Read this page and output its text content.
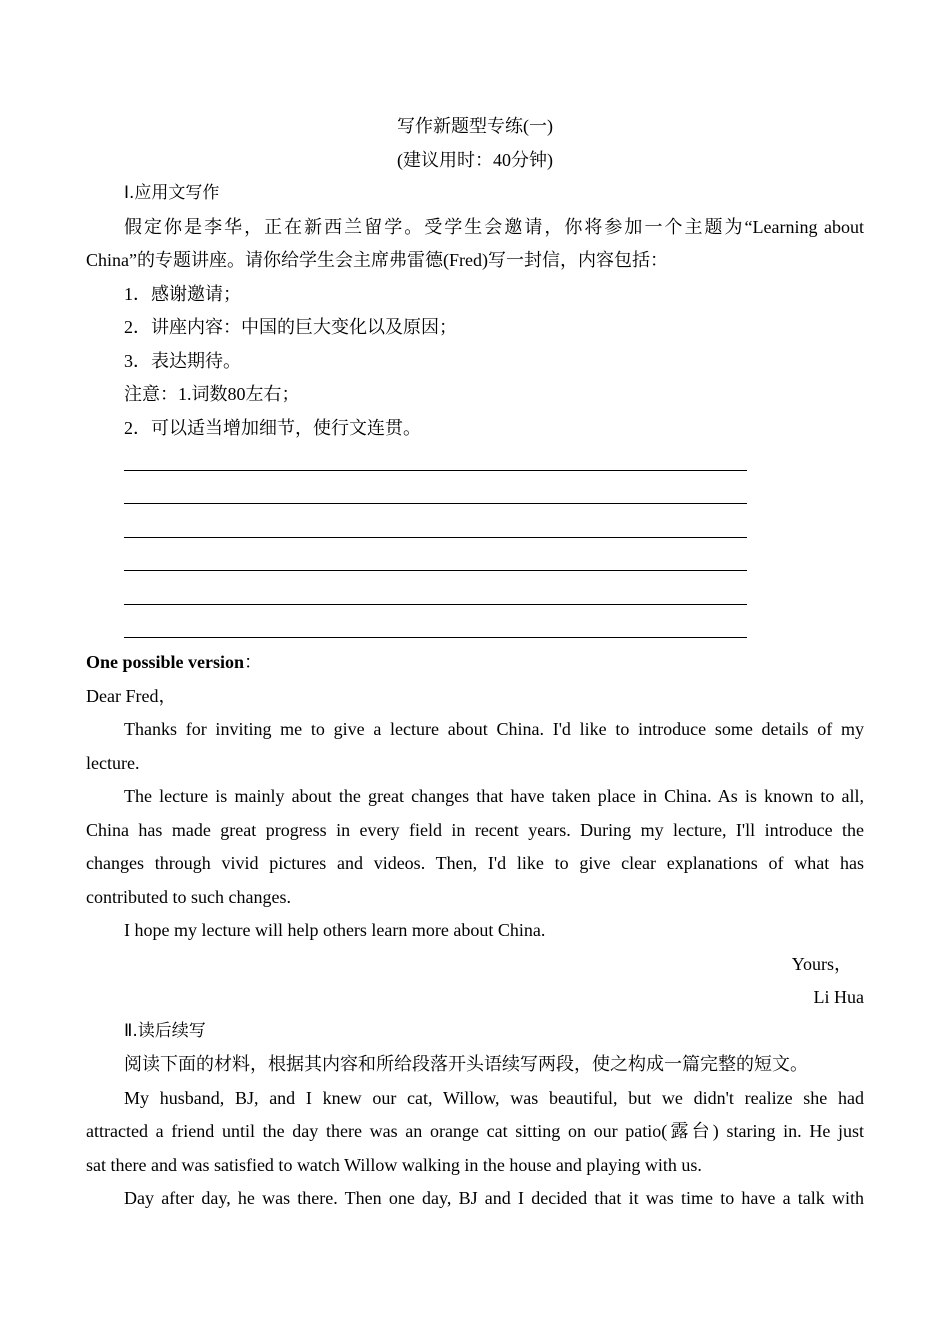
写作新题型专练(一)
(建议用时：40分钟)
Ⅰ.应用文写作
假定你是李华，正在新西兰留学。受学生会邀请，你将参加一个主题为“Learning about
China”的专题讲座。请你给学生会主席弗雷德(Fred)写一封信，内容包括：
1．感谢邀请；
2．讲座内容：中国的巨大变化以及原因；
3．表达期待。
注意：1.词数80左右；
2．可以适当增加细节，使行文连贯。
One possible version：
Dear Fred，
Thanks for inviting me to give a lecture about China. I'd like to introduce some details of my
lecture.
The lecture is mainly about the great changes that have taken place in China. As is known to all,
China has made great progress in every field in recent years. During my lecture, I'll introduce the
changes through vivid pictures and videos. Then, I'd like to give clear explanations of what has
contributed to such changes.
I hope my lecture will help others learn more about China.
Yours，
Li Hua
Ⅱ.读后续写
阅读下面的材料，根据其内容和所给段落开头语续写两段，使之构成一篇完整的短文。
My husband, BJ, and I knew our cat, Willow, was beautiful, but we didn't realize she had
attracted a friend until the day there was an orange cat sitting on our patio(露台) staring in. He just
sat there and was satisfied to watch Willow walking in the house and playing with us.
Day after day, he was there. Then one day, BJ and I decided that it was time to have a talk with
